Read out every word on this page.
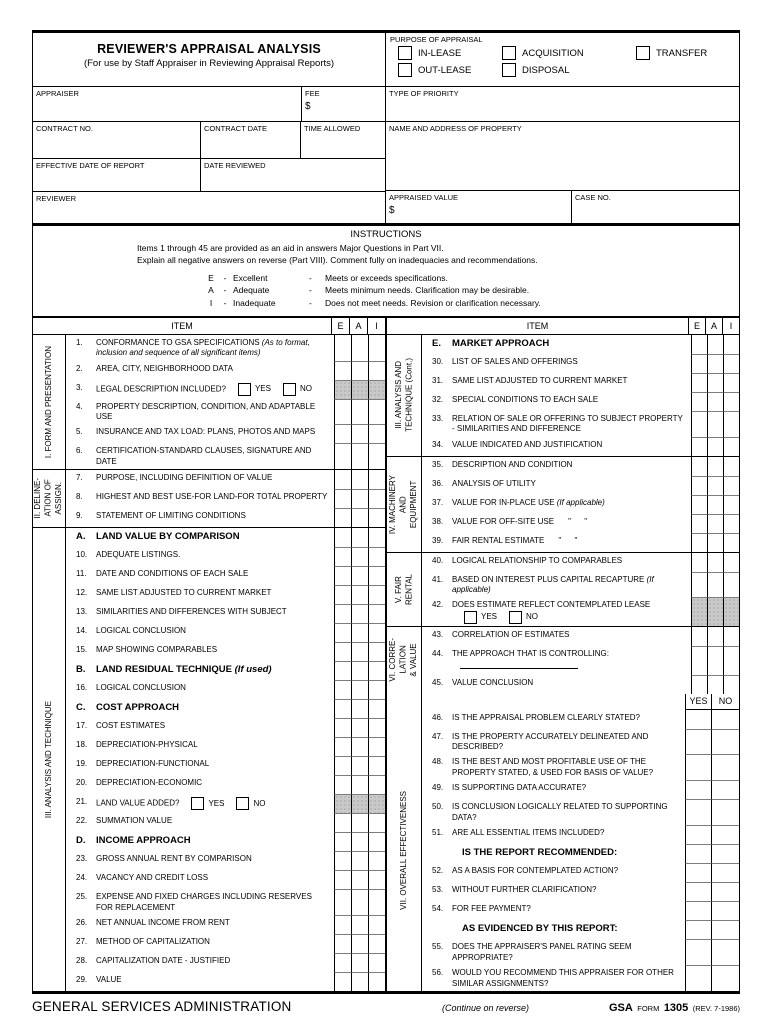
REVIEWER'S APPRAISAL ANALYSIS
(For use by Staff Appraiser in Reviewing Appraisal Reports)
APPRAISER	FEE
$
CONTRACT NO.	CONTRACT DATE	TIME ALLOWED
EFFECTIVE DATE OF REPORT	DATE REVIEWED
REVIEWER
PURPOSE OF APPRAISAL
IN-LEASE	ACQUISITION	TRANSFER
OUT-LEASE	DISPOSAL
TYPE OF PRIORITY
NAME AND ADDRESS OF PROPERTY
APPRAISED VALUE
$
CASE NO.
INSTRUCTIONS
Items 1 through 45 are provided as an aid in answers Major Questions in Part VII.
Explain all negative answers on reverse (Part VIII). Comment fully on inadequacies and recommendations.
E	- Excellent	-	Meets or exceeds specifications.
A	- Adequate	-	Meets minimum needs. Clarification may be desirable.
I	- Inadequate	-	Does not meet needs. Revision or clarification necessary.
ITEM	E	A	I
I. FORM AND PRESENTATION
1.	CONFORMANCE TO GSA SPECIFICATIONS (As to format, inclusion and sequence of all significant items)
2.	AREA, CITY, NEIGHBORHOOD DATA
3.	LEGAL DESCRIPTION INCLUDED?	YES	NO
4.	PROPERTY DESCRIPTION, CONDITION, AND ADAPTABLE USE
5.	INSURANCE AND TAX LOAD: PLANS, PHOTOS AND MAPS
6.	CERTIFICATION-STANDARD CLAUSES, SIGNATURE AND DATE
II. DELINE- ATION OF ASSIGN.
7.	PURPOSE, INCLUDING DEFINITION OF VALUE
8.	HIGHEST AND BEST USE-FOR LAND-FOR TOTAL PROPERTY
9.	STATEMENT OF LIMITING CONDITIONS
III. ANALYSIS AND TECHNIQUE
A.	LAND VALUE BY COMPARISON
10.	ADEQUATE LISTINGS.
11.	DATE AND CONDITIONS OF EACH SALE
12.	SAME LIST ADJUSTED TO CURRENT MARKET
13.	SIMILARITIES AND DIFFERENCES WITH SUBJECT
14.	LOGICAL CONCLUSION
15.	MAP SHOWING COMPARABLES
B.	LAND RESIDUAL TECHNIQUE (If used)
16.	LOGICAL CONCLUSION
C.	COST APPROACH
17.	COST ESTIMATES
18.	DEPRECIATION-PHYSICAL
19.	DEPRECIATION-FUNCTIONAL
20.	DEPRECIATION-ECONOMIC
21.	LAND VALUE ADDED?	YES	NO
22.	SUMMATION VALUE
D.	INCOME APPROACH
23.	GROSS ANNUAL RENT BY COMPARISON
24.	VACANCY AND CREDIT LOSS
25.	EXPENSE AND FIXED CHARGES INCLUDING RESERVES FOR REPLACEMENT
26.	NET ANNUAL INCOME FROM RENT
27.	METHOD OF CAPITALIZATION
28.	CAPITALIZATION DATE - JUSTIFIED
29.	VALUE
ITEM	E	A	I
III. ANALYSIS AND TECHNIQUE (Cont.)
E.	MARKET APPROACH
30.	LIST OF SALES AND OFFERINGS
31.	SAME LIST ADJUSTED TO CURRENT MARKET
32.	SPECIAL CONDITIONS TO EACH SALE
33.	RELATION OF SALE OR OFFERING TO SUBJECT PROPERTY - SIMILARITIES AND DIFFERENCE
34.	VALUE INDICATED AND JUSTIFICATION
IV. MACHINERY AND EQUIPMENT
35.	DESCRIPTION AND CONDITION
36.	ANALYSIS OF UTILITY
37.	VALUE FOR IN-PLACE USE (If applicable)
38.	VALUE FOR OFF-SITE USE "      "
39.	FAIR RENTAL ESTIMATE "      "
V. FAIR RENTAL
40.	LOGICAL RELATIONSHIP TO COMPARABLES
41.	BASED ON INTEREST PLUS CAPITAL RECAPTURE (If applicable)
42.	DOES ESTIMATE REFLECT CONTEMPLATED LEASE
YES	NO
VI. CORRE- LATION & VALUE
43.	CORRELATION OF ESTIMATES
44.	THE APPROACH THAT IS CONTROLLING:
45.	VALUE CONCLUSION
YES	NO
VII. OVERALL EFFECTIVENESS
46.	IS THE APPRAISAL PROBLEM CLEARLY STATED?
47.	IS THE PROPERTY ACCURATELY DELINEATED AND DESCRIBED?
48.	IS THE BEST AND MOST PROFITABLE USE OF THE PROPERTY STATED, & USED FOR BASIS OF VALUE?
49.	IS SUPPORTING DATA ACCURATE?
50.	IS CONCLUSION LOGICALLY RELATED TO SUPPORTING DATA?
51.	ARE ALL ESSENTIAL ITEMS INCLUDED?
IS THE REPORT RECOMMENDED:
52.	AS A BASIS FOR CONTEMPLATED ACTION?
53.	WITHOUT FURTHER CLARIFICATION?
54.	FOR FEE PAYMENT?
AS EVIDENCED BY THIS REPORT:
55.	DOES THE APPRAISER'S PANEL RATING SEEM APPROPRIATE?
56.	WOULD YOU RECOMMEND THIS APPRAISER FOR OTHER SIMILAR ASSIGNMENTS?
GENERAL SERVICES ADMINISTRATION	(Continue on reverse)	GSA FORM 1305 (REV. 7-1986)
